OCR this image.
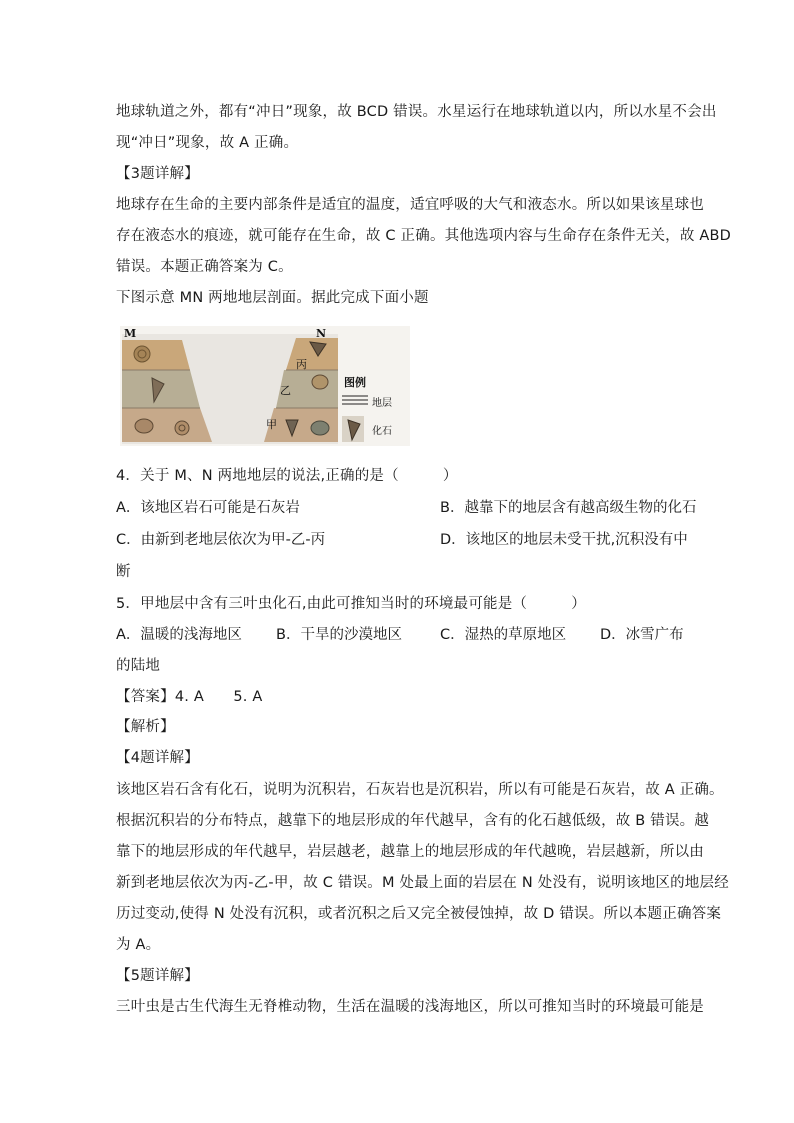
地球轨道之外，都有“冲日”现象，故 BCD 错误。水星运行在地球轨道以内，所以水星不会出
现“冲日”现象，故 A 正确。
【3题详解】
地球存在生命的主要内部条件是适宜的温度，适宜呼吸的大气和液态水。所以如果该星球也
存在液态水的痕迹，就可能存在生命，故 C 正确。其他选项内容与生命存在条件无关，故 ABD
错误。本题正确答案为 C。
下图示意 MN 两地地层剖面。据此完成下面小题
M	N
丙
乙
甲
图例
地层
化石
4．关于 M、N 两地地层的说法,正确的是（　　　）
A．该地区岩石可能是石灰岩	B．越靠下的地层含有越高级生物的化石
C．由新到老地层依次为甲-乙-丙	D．该地区的地层未受干扰,沉积没有中
断
5．甲地层中含有三叶虫化石,由此可推知当时的环境最可能是（　　　）
A．温暖的浅海地区 B．干旱的沙漠地区	C．湿热的草原地区 D．冰雪广布
的陆地
【答案】4. A　　5. A
【解析】
【4题详解】
该地区岩石含有化石，说明为沉积岩，石灰岩也是沉积岩，所以有可能是石灰岩，故 A 正确。
根据沉积岩的分布特点，越靠下的地层形成的年代越早，含有的化石越低级，故 B 错误。越
靠下的地层形成的年代越早，岩层越老，越靠上的地层形成的年代越晚，岩层越新，所以由
新到老地层依次为丙-乙-甲，故 C 错误。M 处最上面的岩层在 N 处没有，说明该地区的地层经
历过变动,使得 N 处没有沉积，或者沉积之后又完全被侵蚀掉，故 D 错误。所以本题正确答案
为 A。
【5题详解】
三叶虫是古生代海生无脊椎动物，生活在温暖的浅海地区，所以可推知当时的环境最可能是
